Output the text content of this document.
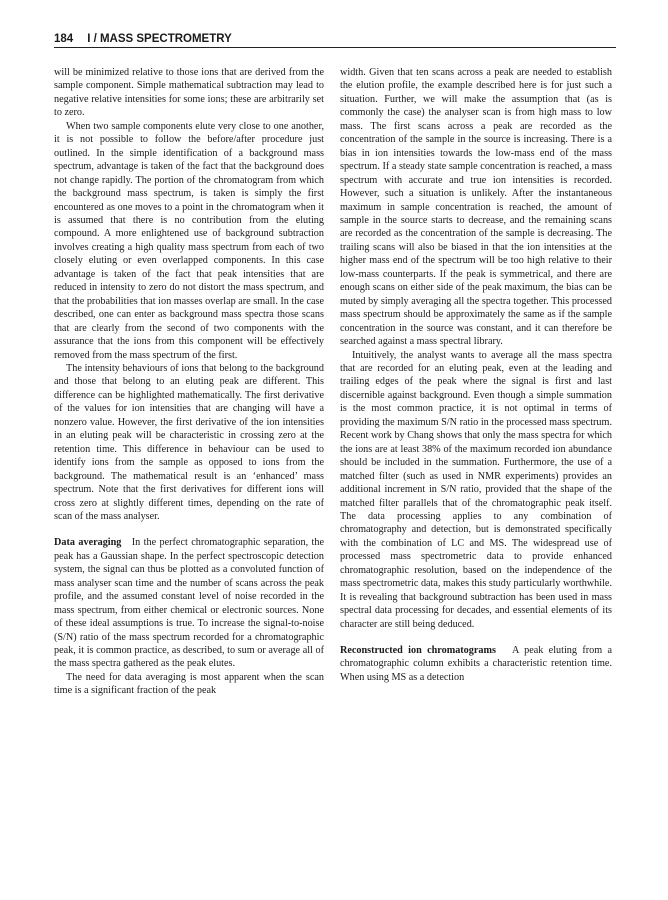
184 I / MASS SPECTROMETRY

will be minimized relative to those ions that are derived from the sample component. Simple mathematical subtraction may lead to negative relative intensities for some ions; these are arbitrarily set to zero.

When two sample components elute very close to one another, it is not possible to follow the before/after procedure just outlined. In the simple identification of a background mass spectrum, advantage is taken of the fact that the background does not change rapidly. The portion of the chromatogram from which the background mass spectrum, is taken is simply the first encountered as one moves to a point in the chromatogram when it is assumed that there is no contribution from the eluting compound. A more enlightened use of background subtraction involves creating a high quality mass spectrum from each of two closely eluting or even overlapped components. In this case advantage is taken of the fact that peak intensities that are reduced in intensity to zero do not distort the mass spectrum, and that the probabilities that ion masses overlap are small. In the case described, one can enter as background mass spectra those scans that are clearly from the second of two components with the assurance that the ions from this component will be effectively removed from the mass spectrum of the first.

The intensity behaviours of ions that belong to the background and those that belong to an eluting peak are different. This difference can be highlighted mathematically. The first derivative of the values for ion intensities that are changing will have a nonzero value. However, the first derivative of the ion intensities in an eluting peak will be characteristic in crossing zero at the retention time. This difference in behaviour can be used to identify ions from the sample as opposed to ions from the background. The mathematical result is an ‘enhanced’ mass spectrum. Note that the first derivatives for different ions will cross zero at slightly different times, depending on the rate of scan of the mass analyser.

Data averaging In the perfect chromatographic separation, the peak has a Gaussian shape. In the perfect spectroscopic detection system, the signal can thus be plotted as a convoluted function of mass analyser scan time and the number of scans across the peak profile, and the assumed constant level of noise recorded in the mass spectrum, from either chemical or electronic sources. None of these ideal assumptions is true. To increase the signal-to-noise (S/N) ratio of the mass spectrum recorded for a chromatographic peak, it is common practice, as described, to sum or average all of the mass spectra gathered as the peak elutes.

The need for data averaging is most apparent when the scan time is a significant fraction of the peak

width. Given that ten scans across a peak are needed to establish the elution profile, the example described here is for just such a situation. Further, we will make the assumption that (as is commonly the case) the analyser scan is from high mass to low mass. The first scans across a peak are recorded as the concentration of the sample in the source is increasing. There is a bias in ion intensities towards the low-mass end of the mass spectrum. If a steady state sample concentration is reached, a mass spectrum with accurate and true ion intensities is recorded. However, such a situation is unlikely. After the instantaneous maximum in sample concentration is reached, the amount of sample in the source starts to decrease, and the remaining scans are recorded as the concentration of the sample is decreasing. The trailing scans will also be biased in that the ion intensities at the higher mass end of the spectrum will be too high relative to their low-mass counterparts. If the peak is symmetrical, and there are enough scans on either side of the peak maximum, the bias can be muted by simply averaging all the spectra together. This processed mass spectrum should be approximately the same as if the sample concentration in the source was constant, and it can therefore be searched against a mass spectral library.

Intuitively, the analyst wants to average all the mass spectra that are recorded for an eluting peak, even at the leading and trailing edges of the peak where the signal is first and last discernible against background. Even though a simple summation is the most common practice, it is not optimal in terms of providing the maximum S/N ratio in the processed mass spectrum. Recent work by Chang shows that only the mass spectra for which the ions are at least 38% of the maximum recorded ion abundance should be included in the summation. Furthermore, the use of a matched filter (such as used in NMR experiments) provides an additional increment in S/N ratio, provided that the shape of the matched filter parallels that of the chromatographic peak itself. The data processing applies to any combination of chromatography and detection, but is demonstrated specifically with the combination of LC and MS. The widespread use of processed mass spectrometric data to provide enhanced chromatographic resolution, based on the independence of the mass spectrometric data, makes this study particularly worthwhile. It is revealing that background subtraction has been used in mass spectral data processing for decades, and essential elements of its character are still being deduced.

Reconstructed ion chromatograms A peak eluting from a chromatographic column exhibits a characteristic retention time. When using MS as a detection
